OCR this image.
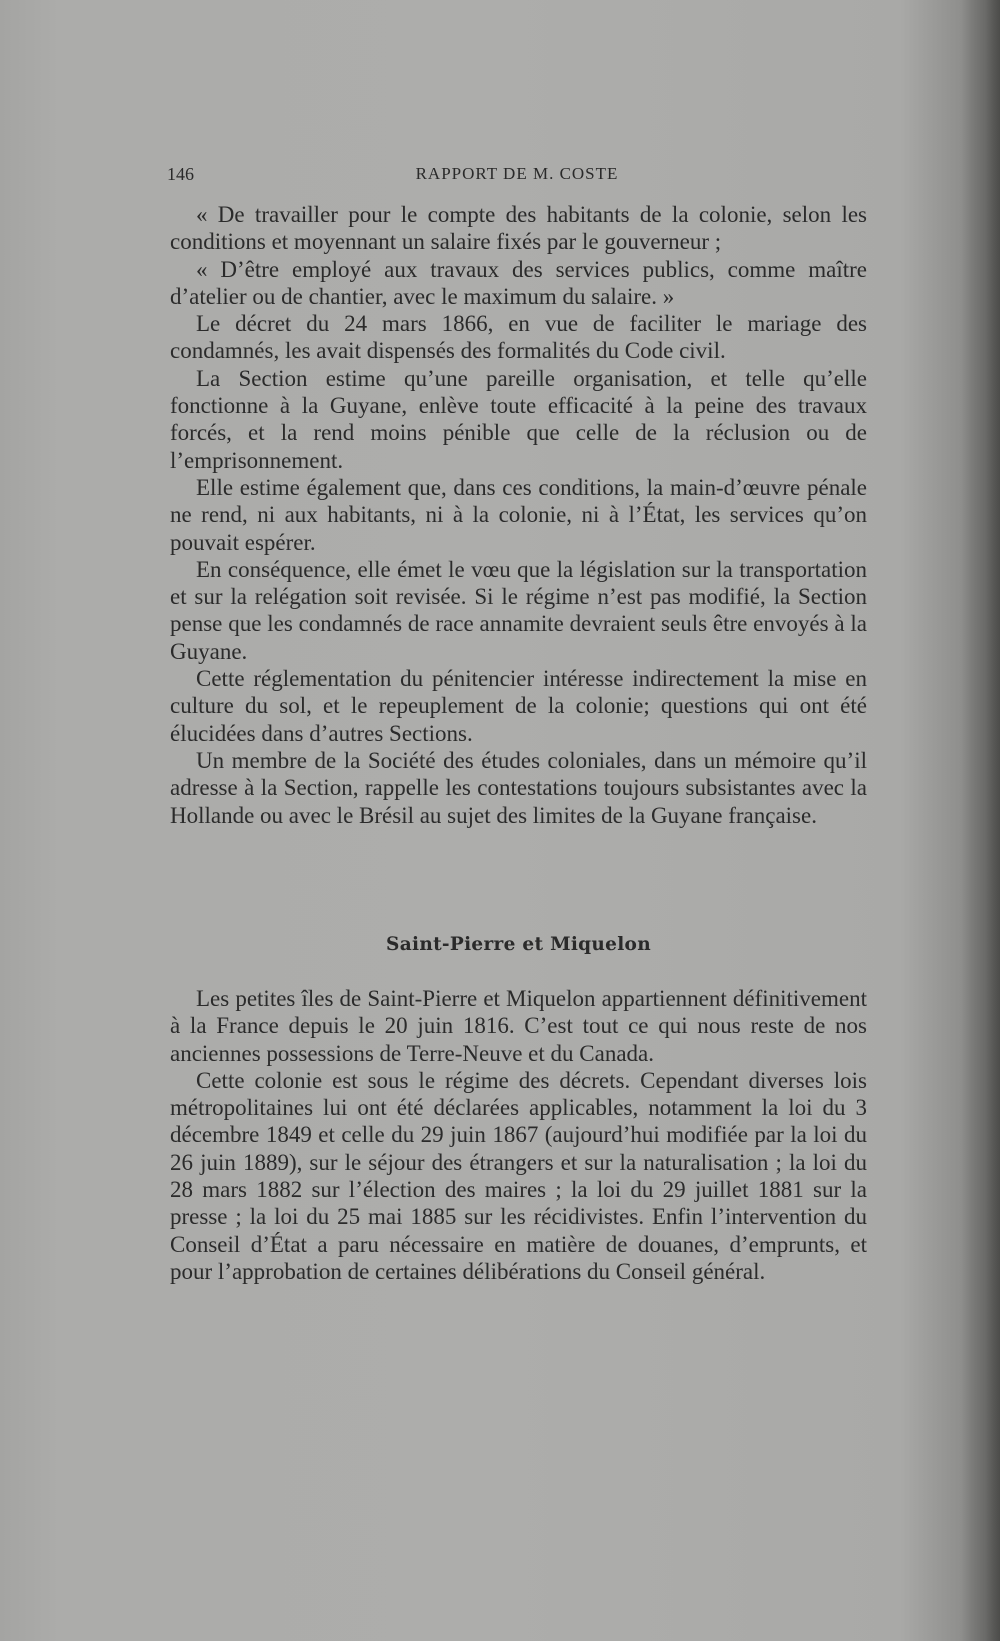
146	RAPPORT DE M. COSTE

« De travailler pour le compte des habitants de la colonie, selon les conditions et moyennant un salaire fixés par le gouverneur ;

« D’être employé aux travaux des services publics, comme maître d’atelier ou de chantier, avec le maximum du salaire. »

Le décret du 24 mars 1866, en vue de faciliter le mariage des condamnés, les avait dispensés des formalités du Code civil.

La Section estime qu’une pareille organisation, et telle qu’elle fonctionne à la Guyane, enlève toute efficacité à la peine des travaux forcés, et la rend moins pénible que celle de la réclusion ou de l’emprisonnement.

Elle estime également que, dans ces conditions, la main-d’œuvre pénale ne rend, ni aux habitants, ni à la colonie, ni à l’État, les services qu’on pouvait espérer.

En conséquence, elle émet le vœu que la législation sur la transportation et sur la relégation soit revisée. Si le régime n’est pas modifié, la Section pense que les condamnés de race annamite devraient seuls être envoyés à la Guyane.

Cette réglementation du pénitencier intéresse indirectement la mise en culture du sol, et le repeuplement de la colonie; questions qui ont été élucidées dans d’autres Sections.

Un membre de la Société des études coloniales, dans un mémoire qu’il adresse à la Section, rappelle les contestations toujours subsistantes avec la Hollande ou avec le Brésil au sujet des limites de la Guyane française.

Saint-Pierre et Miquelon

Les petites îles de Saint-Pierre et Miquelon appartiennent définitivement à la France depuis le 20 juin 1816. C’est tout ce qui nous reste de nos anciennes possessions de Terre-Neuve et du Canada.

Cette colonie est sous le régime des décrets. Cependant diverses lois métropolitaines lui ont été déclarées applicables, notamment la loi du 3 décembre 1849 et celle du 29 juin 1867 (aujourd’hui modifiée par la loi du 26 juin 1889), sur le séjour des étrangers et sur la naturalisation ; la loi du 28 mars 1882 sur l’élection des maires ; la loi du 29 juillet 1881 sur la presse ; la loi du 25 mai 1885 sur les récidivistes. Enfin l’intervention du Conseil d’État a paru nécessaire en matière de douanes, d’emprunts, et pour l’approbation de certaines délibérations du Conseil général.
